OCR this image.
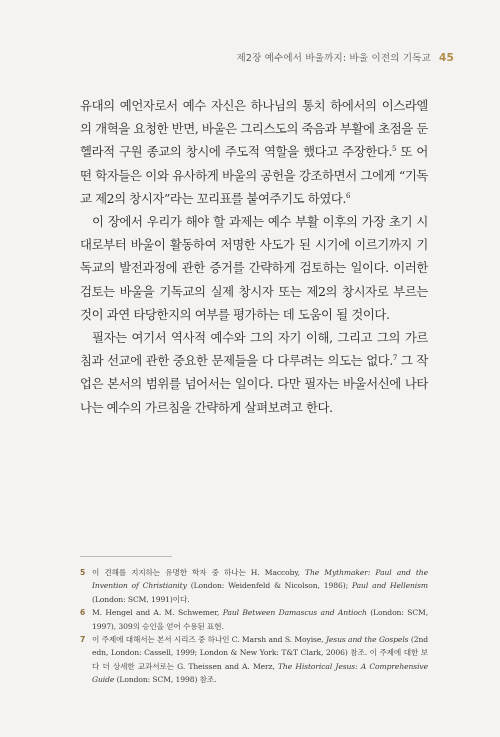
제2장 예수에서 바울까지: 바울 이전의 기독교 45

유대의 예언자로서 예수 자신은 하나님의 통치 하에서의 이스라엘의 개혁을 요청한 반면, 바울은 그리스도의 죽음과 부활에 초점을 둔 헬라적 구원 종교의 창시에 주도적 역할을 했다고 주장한다.$^5$ 또 어떤 학자들은 이와 유사하게 바울의 공헌을 강조하면서 그에게 “기독교 제2의 창시자”라는 꼬리표를 붙여주기도 하였다.$^6$

이 장에서 우리가 해야 할 과제는 예수 부활 이후의 가장 초기 시대로부터 바울이 활동하여 저명한 사도가 된 시기에 이르기까지 기독교의 발전과정에 관한 증거를 간략하게 검토하는 일이다. 이러한 검토는 바울을 기독교의 실제 창시자 또는 제2의 창시자로 부르는 것이 과연 타당한지의 여부를 평가하는 데 도움이 될 것이다.

필자는 여기서 역사적 예수와 그의 자기 이해, 그리고 그의 가르침과 선교에 관한 중요한 문제들을 다 다루려는 의도는 없다.$^7$ 그 작업은 본서의 범위를 넘어서는 일이다. 다만 필자는 바울서신에 나타나는 예수의 가르침을 간략하게 살펴보려고 한다.

5 이 견해를 지지하는 유명한 학자 중 하나는 H. Maccoby, The Mythmaker: Paul and the Invention of Christianity (London: Weidenfeld & Nicolson, 1986); Paul and Hellenism (London: SCM, 1991)이다.
6 M. Hengel and A. M. Schwemer, Paul Between Damascus and Antioch (London: SCM, 1997), 309의 승인을 얻어 수용된 표현.
7 이 주제에 대해서는 본서 시리즈 중 하나인 C. Marsh and S. Moyise, Jesus and the Gospels (2nd edn, London: Cassell, 1999; London & New York: T&T Clark, 2006) 참조. 이 주제에 대한 보다 더 상세한 교과서로는 G. Theissen and A. Merz, The Historical Jesus: A Comprehensive Guide (London: SCM, 1998) 참조.
